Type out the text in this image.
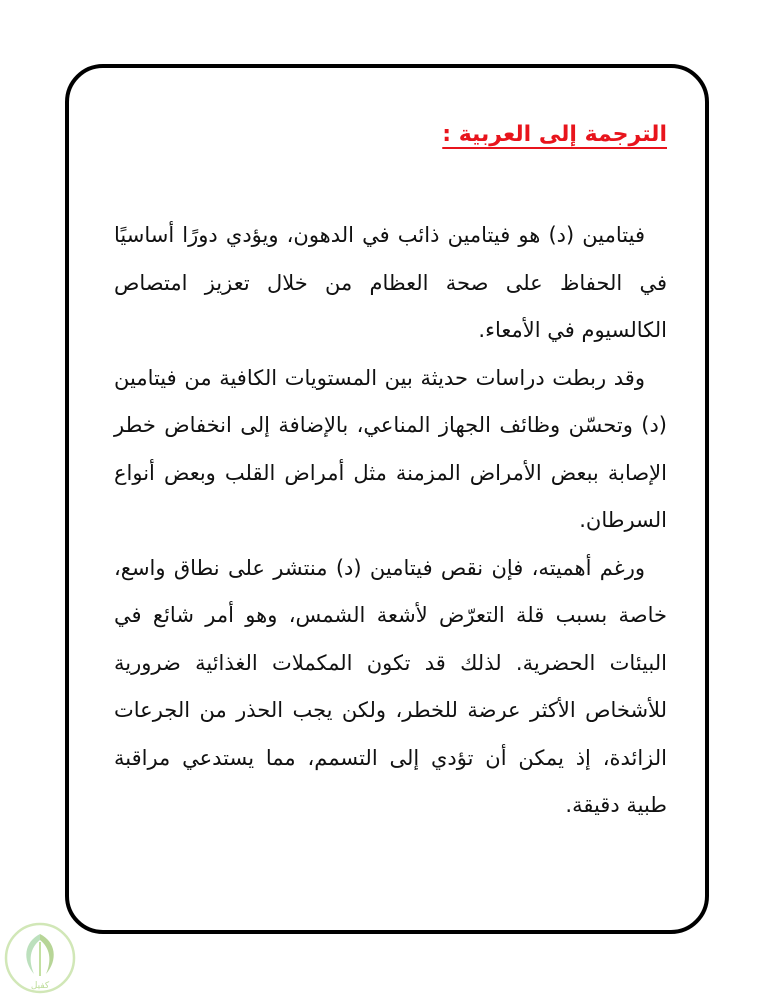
الترجمة إلى العربية :

فيتامين (د) هو فيتامين ذائب في الدهون، ويؤدي دورًا أساسيًا في الحفاظ على صحة العظام من خلال تعزيز امتصاص الكالسيوم في الأمعاء.

وقد ربطت دراسات حديثة بين المستويات الكافية من فيتامين (د) وتحسّن وظائف الجهاز المناعي، بالإضافة إلى انخفاض خطر الإصابة ببعض الأمراض المزمنة مثل أمراض القلب وبعض أنواع السرطان.

ورغم أهميته، فإن نقص فيتامين (د) منتشر على نطاق واسع، خاصة بسبب قلة التعرّض لأشعة الشمس، وهو أمر شائع في البيئات الحضرية. لذلك قد تكون المكملات الغذائية ضرورية للأشخاص الأكثر عرضة للخطر، ولكن يجب الحذر من الجرعات الزائدة، إذ يمكن أن تؤدي إلى التسمم، مما يستدعي مراقبة طبية دقيقة.

كفيل
